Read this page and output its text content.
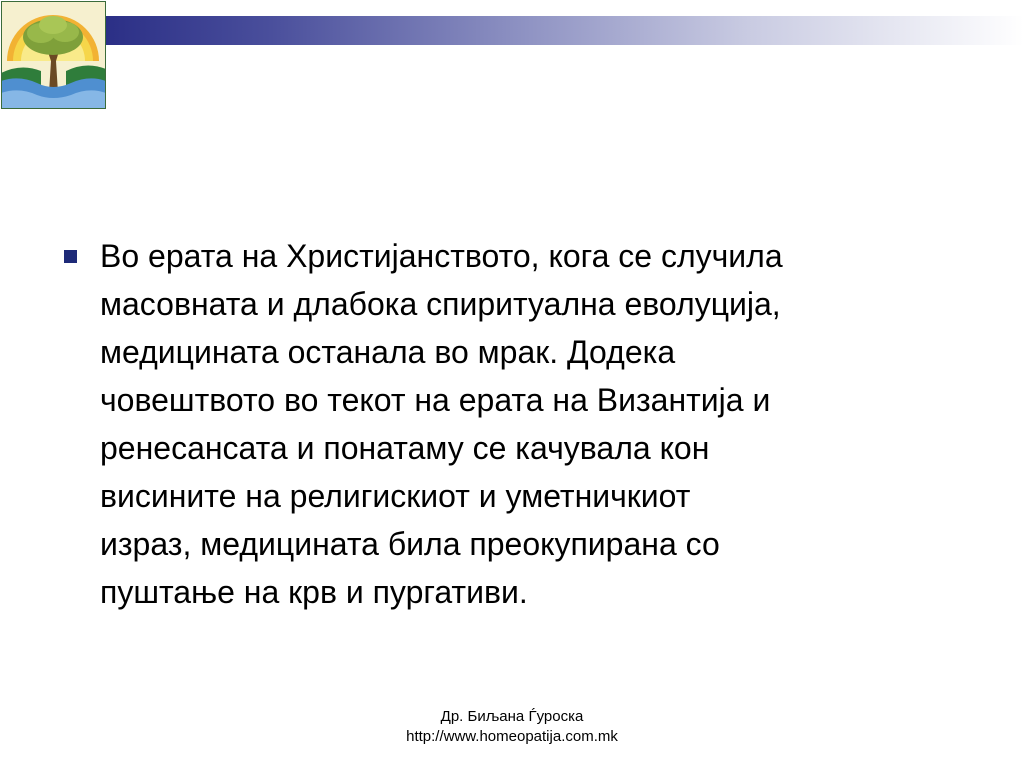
Во ерата на Христијанството, кога се случила
масовната и длабока спиритуална еволуција,
медицината останала во мрак. Додека
човештвото во текот на ерата на Византија и
ренесансата и понатаму се качувала кон
висините на религискиот и уметничкиот
израз, медицината била преокупирана со
пуштање на крв и пургативи.

Др. Биљана Ѓуроска
http://www.homeopatija.com.mk
